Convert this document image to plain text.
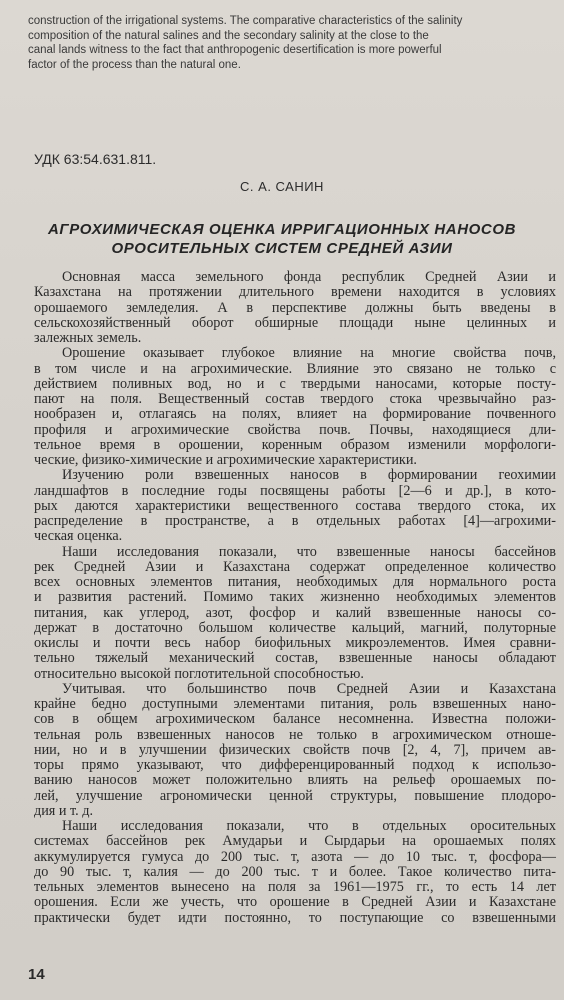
construction of the irrigational systems. The comparative characteristics of the salinity
composition of the natural salines and the secondary salinity at the close to the
canal lands witness to the fact that anthropogenic desertification is more powerful
factor of the process than the natural one.
УДК 63:54.631.811.
С. А. САНИН
АГРОХИМИЧЕСКАЯ ОЦЕНКА ИРРИГАЦИОННЫХ НАНОСОВ
ОРОСИТЕЛЬНЫХ СИСТЕМ СРЕДНЕЙ АЗИИ
Основная масса земельного фонда республик Средней Азии и
Казахстана на протяжении длительного времени находится в условиях
орошаемого земледелия. А в перспективе должны быть введены в
сельскохозяйственный оборот обширные площади ныне целинных и
залежных земель.
Орошение оказывает глубокое влияние на многие свойства почв,
в том числе и на агрохимические. Влияние это связано не только с
действием поливных вод, но и с твердыми наносами, которые посту-
пают на поля. Вещественный состав твердого стока чрезвычайно раз-
нообразен и, отлагаясь на полях, влияет на формирование почвенного
профиля и агрохимические свойства почв. Почвы, находящиеся дли-
тельное время в орошении, коренным образом изменили морфологи-
ческие, физико-химические и агрохимические характеристики.
Изучению роли взвешенных наносов в формировании геохимии
ландшафтов в последние годы посвящены работы [2—6 и др.], в кото-
рых даются характеристики вещественного состава твердого стока, их
распределение в пространстве, а в отдельных работах [4]—агрохими-
ческая оценка.
Наши исследования показали, что взвешенные наносы бассейнов
рек Средней Азии и Казахстана содержат определенное количество
всех основных элементов питания, необходимых для нормального роста
и развития растений. Помимо таких жизненно необходимых элементов
питания, как углерод, азот, фосфор и калий взвешенные наносы со-
держат в достаточно большом количестве кальций, магний, полуторные
окислы и почти весь набор биофильных микроэлементов. Имея сравни-
тельно тяжелый механический состав, взвешенные наносы обладают
относительно высокой поглотительной способностью.
Учитывая. что большинство почв Средней Азии и Казахстана
крайне бедно доступными элементами питания, роль взвешенных нано-
сов в общем агрохимическом балансе несомненна. Известна положи-
тельная роль взвешенных наносов не только в агрохимическом отноше-
нии, но и в улучшении физических свойств почв [2, 4, 7], причем ав-
торы прямо указывают, что дифференцированный подход к использо-
ванию наносов может положительно влиять на рельеф орошаемых по-
лей, улучшение агрономически ценной структуры, повышение плодоро-
дия и т. д.
Наши исследования показали, что в отдельных оросительных
системах бассейнов рек Амударьи и Сырдарьи на орошаемых полях
аккумулируется гумуса до 200 тыс. т, азота — до 10 тыс. т, фосфора—
до 90 тыс. т, калия — до 200 тыс. т и более. Такое количество пита-
тельных элементов вынесено на поля за 1961—1975 гг., то есть 14 лет
орошения. Если же учесть, что орошение в Средней Азии и Казахстане
практически будет идти постоянно, то поступающие со взвешенными
14
